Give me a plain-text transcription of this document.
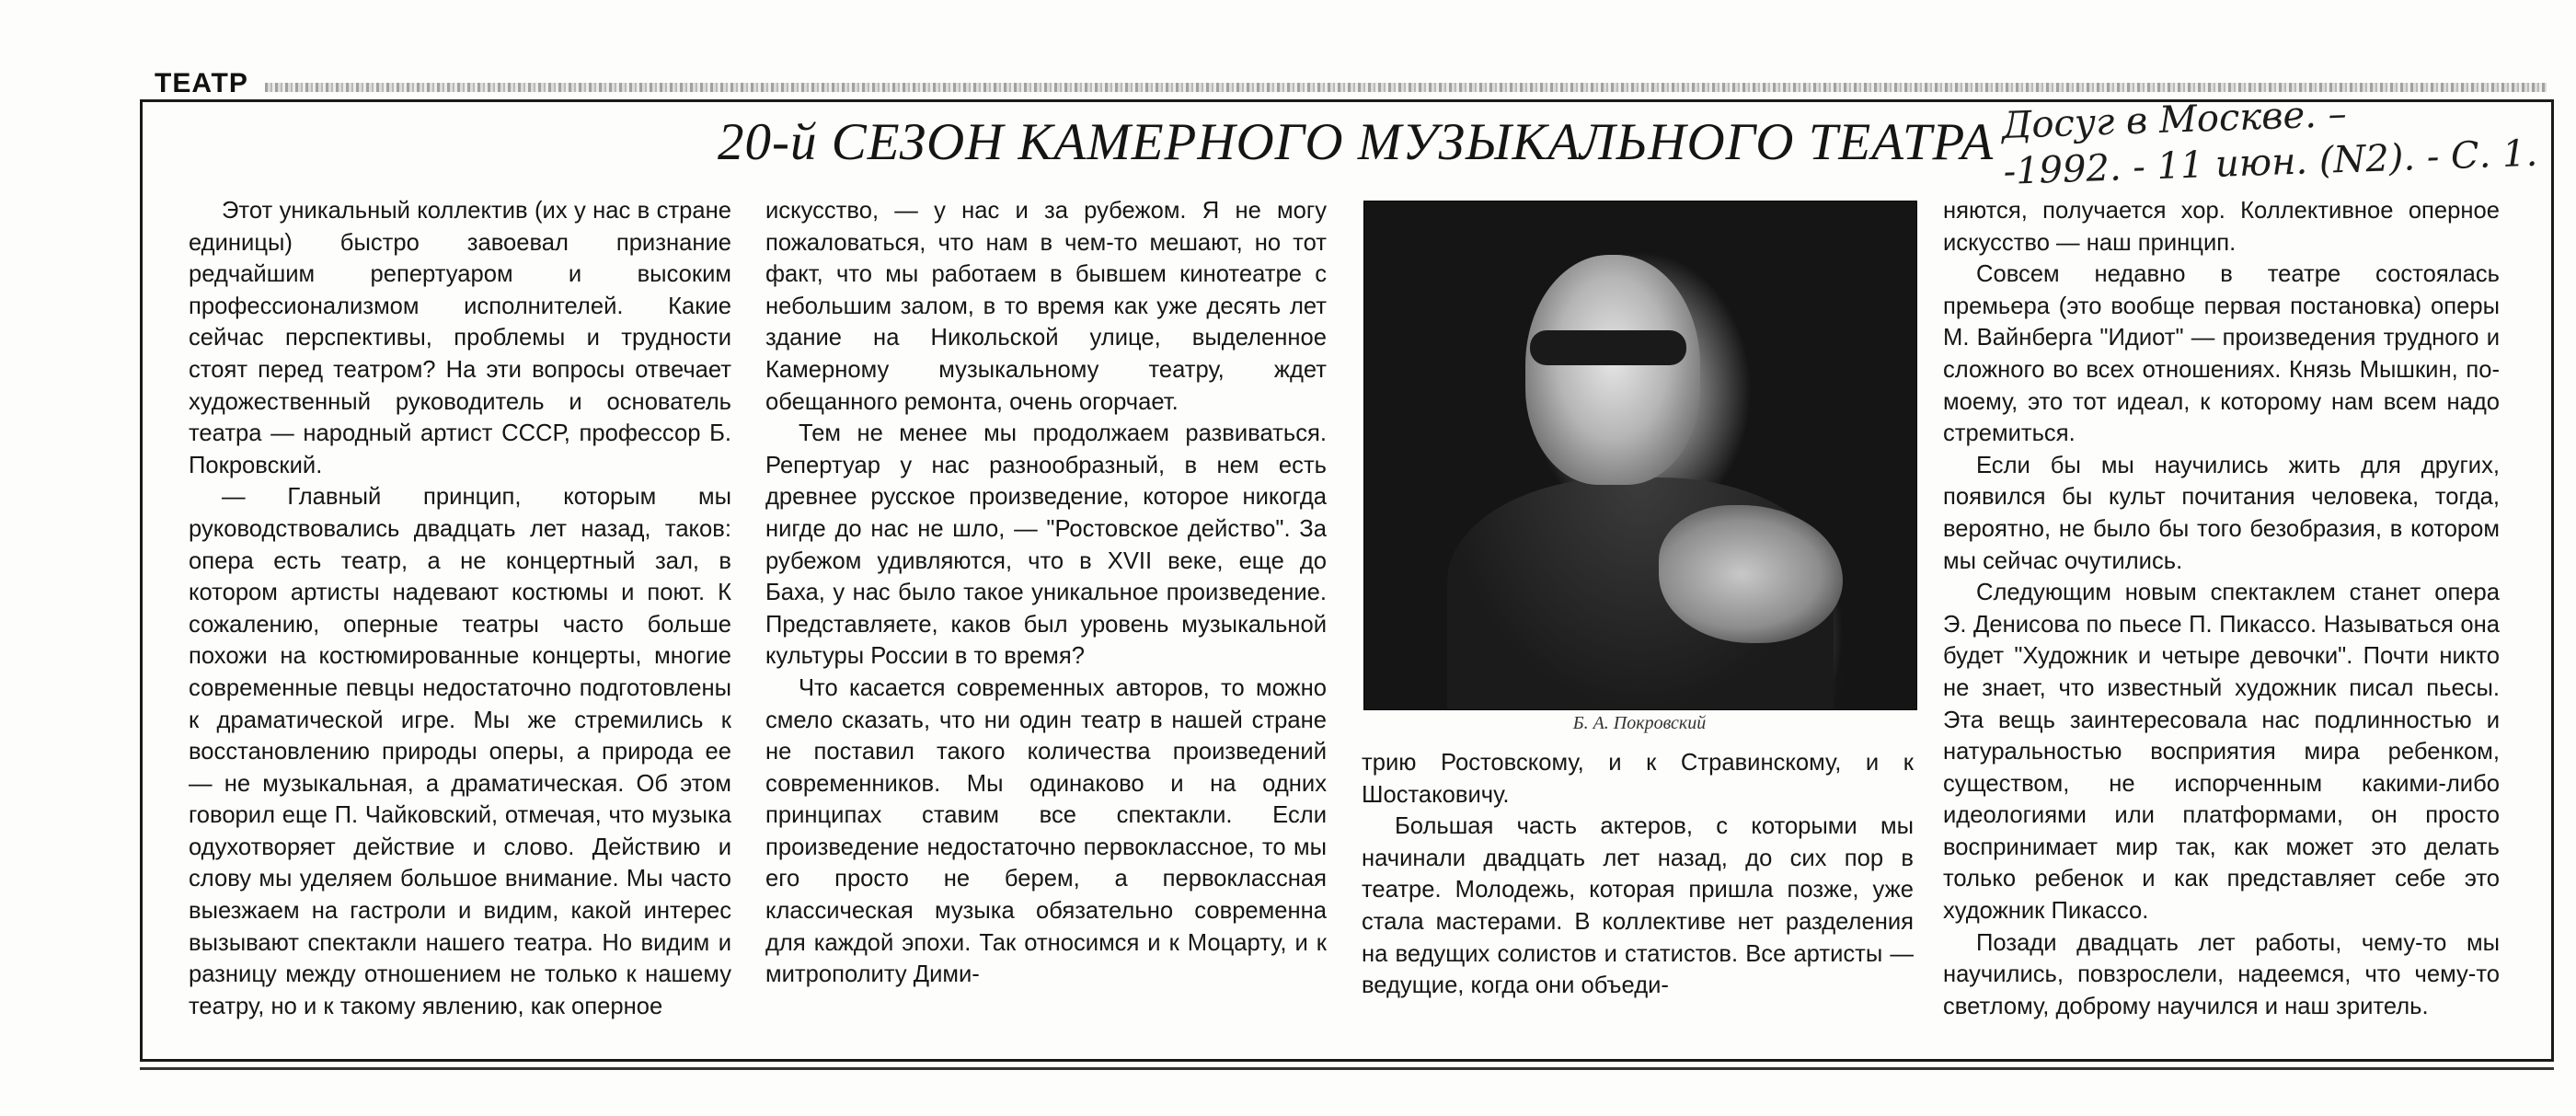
ТЕАТР
20-й СЕЗОН КАМЕРНОГО МУЗЫКАЛЬНОГО ТЕАТРА Досуг в Москве. –
-1992. - 11 июн. (N2). - С. 1.

Этот уникальный коллектив (их у нас в стране единицы) быстро завоевал признание редчайшим репертуаром и высоким профессионализмом исполнителей. Какие сейчас перспективы, проблемы и трудности стоят перед театром? На эти вопросы отвечает художественный руководитель и основатель театра — народный артист СССР, профессор Б. Покровский.

— Главный принцип, которым мы руководствовались двадцать лет назад, таков: опера есть театр, а не концертный зал, в котором артисты надевают костюмы и поют. К сожалению, оперные театры часто больше похожи на костюмированные концерты, многие современные певцы недостаточно подготовлены к драматической игре. Мы же стремились к восстановлению природы оперы, а природа ее — не музыкальная, а драматическая. Об этом говорил еще П. Чайковский, отмечая, что музыка одухотворяет действие и слово. Действию и слову мы уделяем большое внимание. Мы часто выезжаем на гастроли и видим, какой интерес вызывают спектакли нашего театра. Но видим и разницу между отношением не только к нашему театру, но и к такому явлению, как оперное

искусство, — у нас и за рубежом. Я не могу пожаловаться, что нам в чем-то мешают, но тот факт, что мы работаем в бывшем кинотеатре с небольшим залом, в то время как уже десять лет здание на Никольской улице, выделенное Камерному музыкальному театру, ждет обещанного ремонта, очень огорчает.

Тем не менее мы продолжаем развиваться. Репертуар у нас разнообразный, в нем есть древнее русское произведение, которое никогда нигде до нас не шло, — "Ростовское действо". За рубежом удивляются, что в XVII веке, еще до Баха, у нас было такое уникальное произведение. Представляете, каков был уровень музыкальной культуры России в то время?

Что касается современных авторов, то можно смело сказать, что ни один театр в нашей стране не поставил такого количества произведений современников. Мы одинаково и на одних принципах ставим все спектакли. Если произведение недостаточно первоклассное, то мы его просто не берем, а первоклассная классическая музыка обязательно современна для каждой эпохи. Так относимся и к Моцарту, и к митрополиту Дими-

Б. А. Покровский

трию Ростовскому, и к Стравинскому, и к Шостаковичу.

Большая часть актеров, с которыми мы начинали двадцать лет назад, до сих пор в театре. Молодежь, которая пришла позже, уже стала мастерами. В коллективе нет разделения на ведущих солистов и статистов. Все артисты — ведущие, когда они объеди-

няются, получается хор. Коллективное оперное искусство — наш принцип.

Совсем недавно в театре состоялась премьера (это вообще первая постановка) оперы М. Вайнберга "Идиот" — произведения трудного и сложного во всех отношениях. Князь Мышкин, по-моему, это тот идеал, к которому нам всем надо стремиться.

Если бы мы научились жить для других, появился бы культ почитания человека, тогда, вероятно, не было бы того безобразия, в котором мы сейчас очутились.

Следующим новым спектаклем станет опера Э. Денисова по пьесе П. Пикассо. Называться она будет "Художник и четыре девочки". Почти никто не знает, что известный художник писал пьесы. Эта вещь заинтересовала нас подлинностью и натуральностью восприятия мира ребенком, существом, не испорченным какими-либо идеологиями или платформами, он просто воспринимает мир так, как может это делать только ребенок и как представляет себе это художник Пикассо.

Позади двадцать лет работы, чему-то мы научились, повзрослели, надеемся, что чему-то светлому, доброму научился и наш зритель.
